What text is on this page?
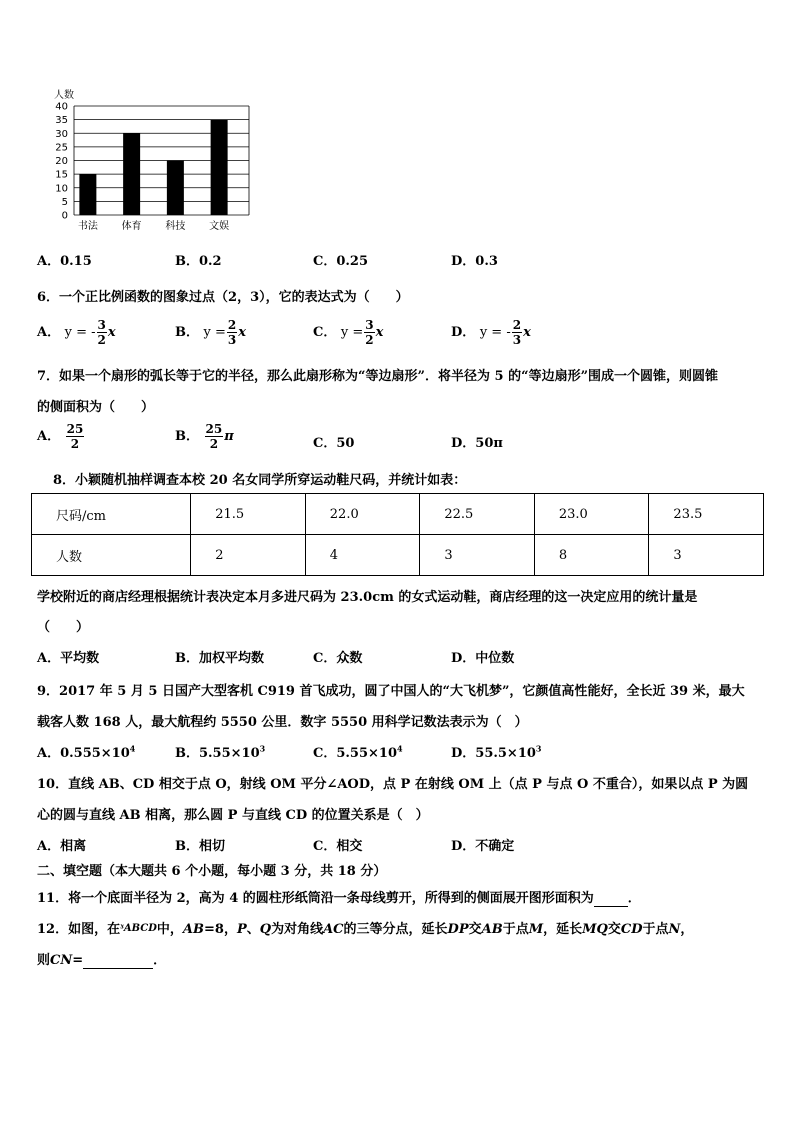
0
5
10
15
20
25
30
35
40
书法 体育 科技 文娱
人数
A．0.15	B．0.2	C．0.25	D．0.3
6．一个正比例函数的图象过点（2，3），它的表达式为（　　）
A． y = - $\frac{3}{2}$ x	B． $y = \frac{2}{3}$ x	C． $y = \frac{3}{2}$ x	D． y = - $\frac{2}{3}$ x
7．如果一个扇形的弧长等于它的半径，那么此扇形称为“等边扇形”．将半径为 5 的“等边扇形”围成一个圆锥，则圆锥
的侧面积为（　　）
A． $\frac{25}{2}$	B． $\frac{25}{2}$ π	C．50	D．50π
8．小颖随机抽样调查本校 20 名女同学所穿运动鞋尺码，并统计如表：
尺码/cm	21.5	22.0	22.5	23.0	23.5
人数	2	4	3	8	3
学校附近的商店经理根据统计表决定本月多进尺码为 23.0cm 的女式运动鞋，商店经理的这一决定应用的统计量是
（　　）
A．平均数	B．加权平均数	C．众数	D．中位数
9．2017 年 5 月 5 日国产大型客机 C919 首飞成功，圆了中国人的“大飞机梦”，它颜值高性能好，全长近 39 米，最大
载客人数 168 人，最大航程约 5550 公里．数字 5550 用科学记数法表示为（　）
A．$0.555\times 10^4$	B．$5.55\times 10^3$	C．$5.55\times 10^4$	D．$55.5\times 10^3$
10．直线 AB、CD 相交于点 O，射线 OM 平分∠AOD，点 P 在射线 OM 上（点 P 与点 O 不重合），如果以点 P 为圆
心的圆与直线 AB 相离，那么圆 P 与直线 CD 的位置关系是（　）
A．相离	B．相切	C．相交	D．不确定
二、填空题（本大题共 6 个小题，每小题 3 分，共 18 分）
11．将一个底面半径为 2，高为 4 的圆柱形纸筒沿一条母线剪开，所得到的侧面展开图形面积为	．
12．如图，在ˠABCD中，AB=8，P、Q为对角线AC的三等分点，延长DP交AB于点M，延长MQ交CD于点N，
则CN=	．
